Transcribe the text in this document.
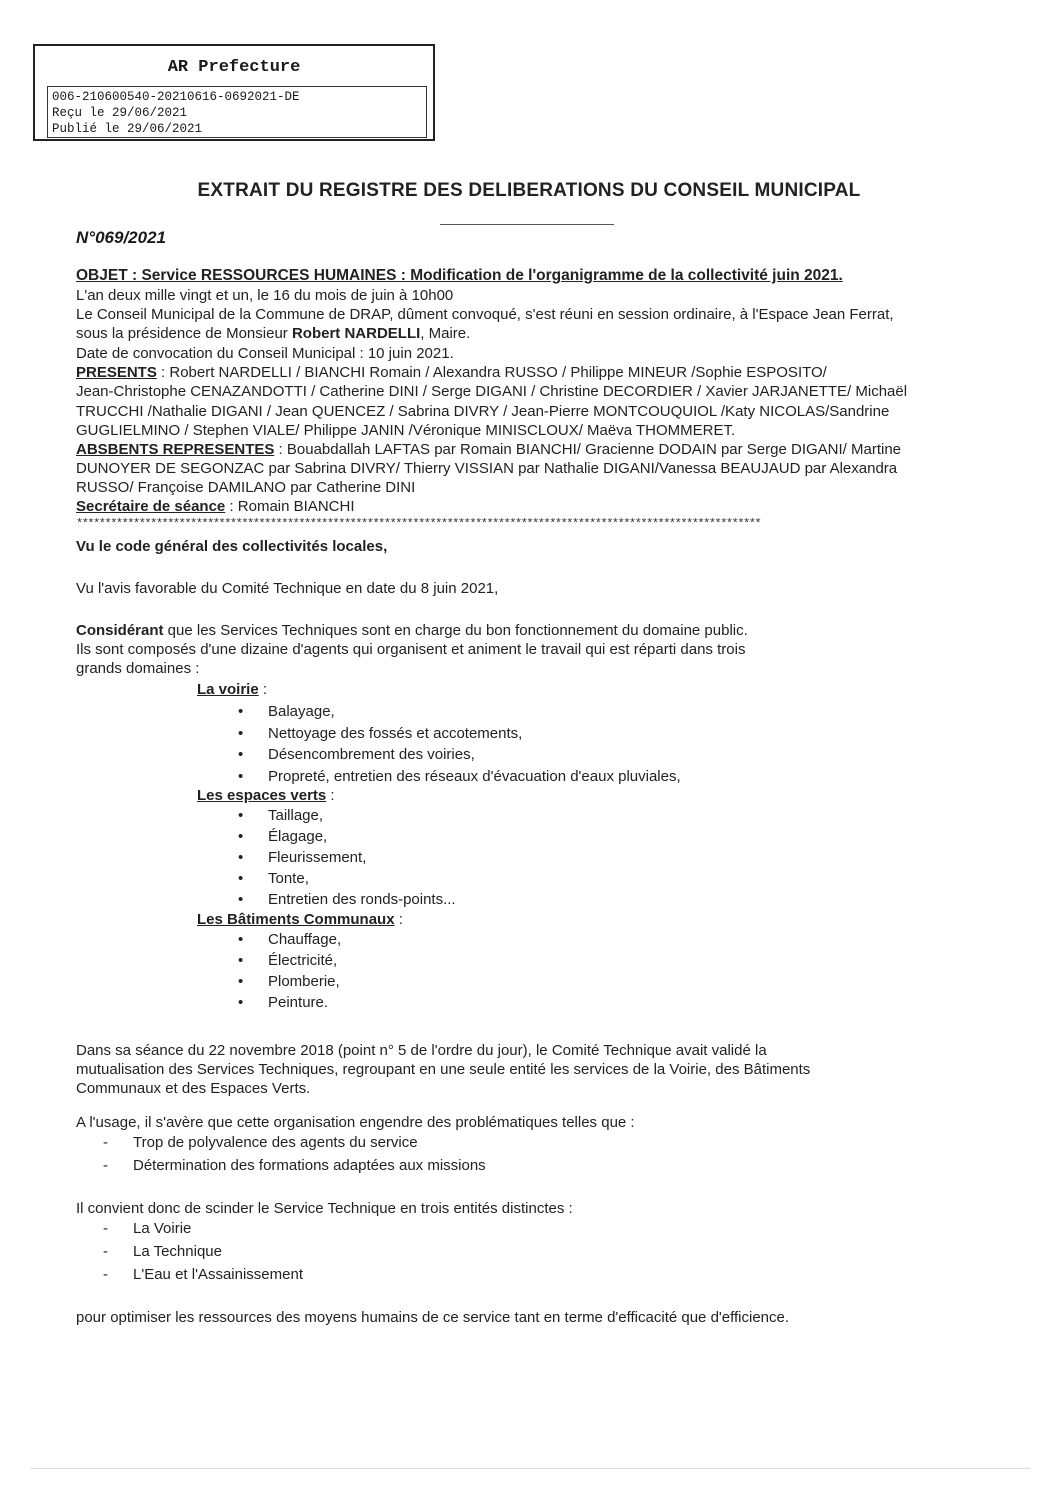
AR Prefecture
006-210600540-20210616-0692021-DE
Reçu le 29/06/2021
Publié le 29/06/2021
EXTRAIT DU REGISTRE DES DELIBERATIONS DU CONSEIL MUNICIPAL
N°069/2021
OBJET : Service RESSOURCES HUMAINES : Modification de l'organigramme de la collectivité juin 2021.
L'an deux mille vingt et un, le 16 du mois de juin à 10h00
Le Conseil Municipal de la Commune de DRAP, dûment convoqué, s'est réuni en session ordinaire, à l'Espace Jean Ferrat,
sous la présidence de Monsieur Robert NARDELLI, Maire.
Date de convocation du Conseil Municipal : 10 juin 2021.
PRESENTS : Robert NARDELLI / BIANCHI Romain / Alexandra RUSSO / Philippe MINEUR /Sophie ESPOSITO/
Jean-Christophe CENAZANDOTTI / Catherine DINI / Serge DIGANI / Christine DECORDIER / Xavier JARJANETTE/ Michaël
TRUCCHI /Nathalie DIGANI / Jean QUENCEZ / Sabrina DIVRY / Jean-Pierre MONTCOUQUIOL /Katy NICOLAS/Sandrine
GUGLIELMINO / Stephen VIALE/ Philippe JANIN /Véronique MINISCLOUX/ Maëva THOMMERET.
ABSBENTS REPRESENTES : Bouabdallah LAFTAS par Romain BIANCHI/ Gracienne DODAIN par Serge DIGANI/ Martine
DUNOYER DE SEGONZAC par Sabrina DIVRY/ Thierry VISSIAN par Nathalie DIGANI/Vanessa BEAUJAUD par Alexandra
RUSSO/ Françoise DAMILANO par Catherine DINI
Secrétaire de séance : Romain BIANCHI
************************************************************************************************************************
Vu le code général des collectivités locales,
Vu l'avis favorable du Comité Technique en date du 8 juin 2021,
Considérant que les Services Techniques sont en charge du bon fonctionnement du domaine public.
Ils sont composés d'une dizaine d'agents qui organisent et animent le travail qui est réparti dans trois
grands domaines :
La voirie :
• Balayage,
• Nettoyage des fossés et accotements,
• Désencombrement des voiries,
• Propreté, entretien des réseaux d'évacuation d'eaux pluviales,
Les espaces verts :
• Taillage,
• Élagage,
• Fleurissement,
• Tonte,
• Entretien des ronds-points...
Les Bâtiments Communaux :
• Chauffage,
• Électricité,
• Plomberie,
• Peinture.
Dans sa séance du 22 novembre 2018 (point n° 5 de l'ordre du jour), le Comité Technique avait validé la
mutualisation des Services Techniques, regroupant en une seule entité les services de la Voirie, des Bâtiments
Communaux et des Espaces Verts.
A l'usage, il s'avère que cette organisation engendre des problématiques telles que :
- Trop de polyvalence des agents du service
- Détermination des formations adaptées aux missions
Il convient donc de scinder le Service Technique en trois entités distinctes :
- La Voirie
- La Technique
- L'Eau et l'Assainissement
pour optimiser les ressources des moyens humains de ce service tant en terme d'efficacité que d'efficience.
